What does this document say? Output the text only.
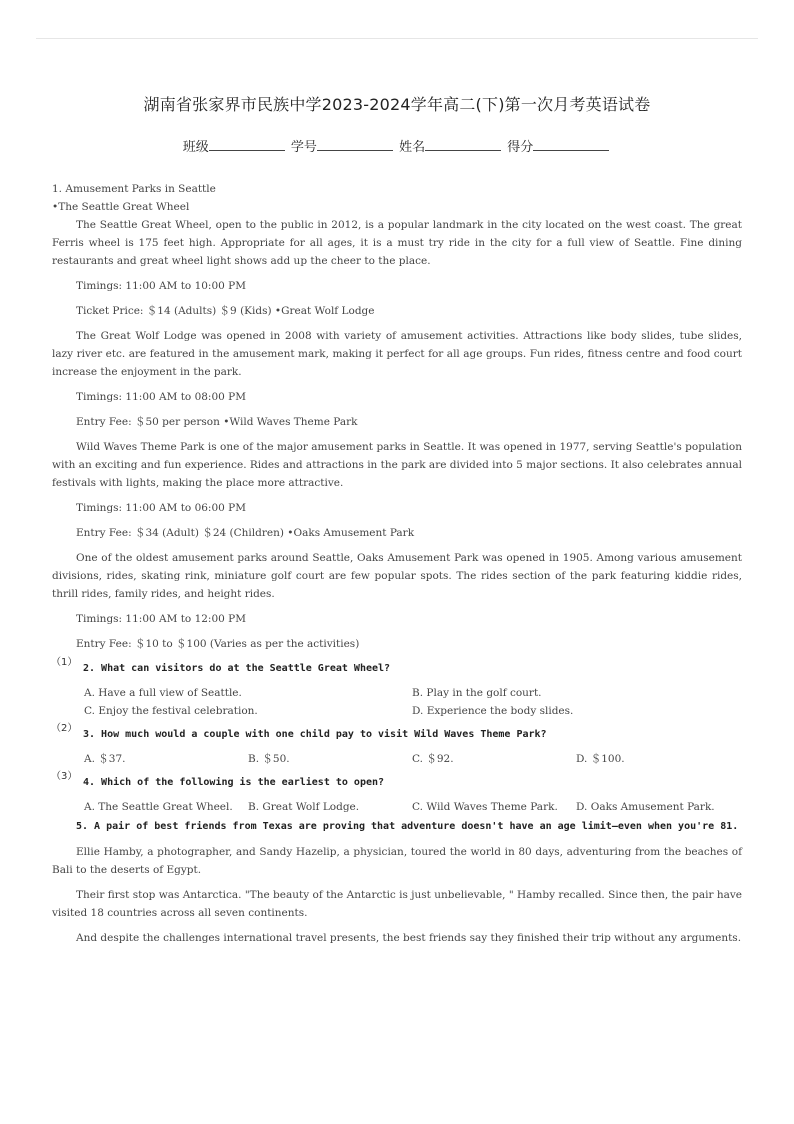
湖南省张家界市民族中学2023-2024学年高二(下)第一次月考英语试卷
班级	学号	姓名	得分

1. Amusement Parks in Seattle

•The Seattle Great Wheel

The Seattle Great Wheel, open to the public in 2012, is a popular landmark in the city located on the west coast. The great Ferris wheel is 175 feet high. Appropriate for all ages, it is a must try ride in the city for a full view of Seattle. Fine dining restaurants and great wheel light shows add up the cheer to the place.

Timings: 11:00 AM to 10:00 PM

Ticket Price: ＄14 (Adults) ＄9 (Kids) •Great Wolf Lodge

The Great Wolf Lodge was opened in 2008 with variety of amusement activities. Attractions like body slides, tube slides, lazy river etc. are featured in the amusement mark, making it perfect for all age groups. Fun rides, fitness centre and food court increase the enjoyment in the park.

Timings: 11:00 AM to 08:00 PM

Entry Fee: ＄50 per person •Wild Waves Theme Park

Wild Waves Theme Park is one of the major amusement parks in Seattle. It was opened in 1977, serving Seattle's population with an exciting and fun experience. Rides and attractions in the park are divided into 5 major sections. It also celebrates annual festivals with lights, making the place more attractive.

Timings: 11:00 AM to 06:00 PM

Entry Fee: ＄34 (Adult) ＄24 (Children) •Oaks Amusement Park

One of the oldest amusement parks around Seattle, Oaks Amusement Park was opened in 1905. Among various amusement divisions, rides, skating rink, miniature golf court are few popular spots. The rides section of the park featuring kiddie rides, thrill rides, family rides, and height rides.

Timings: 11:00 AM to 12:00 PM

Entry Fee: ＄10 to ＄100 (Varies as per the activities)

（1）

2. What can visitors do at the Seattle Great Wheel?

A. Have a full view of Seattle.	B. Play in the golf court.
C. Enjoy the festival celebration.	D. Experience the body slides.
（2）

3. How much would a couple with one child pay to visit Wild Waves Theme Park?

A. ＄37.	B. ＄50.	C. ＄92.	D. ＄100.
（3）

4. Which of the following is the earliest to open?

A. The Seattle Great Wheel.	B. Great Wolf Lodge.	C. Wild Waves Theme Park.	D. Oaks Amusement Park.

5. A pair of best friends from Texas are proving that adventure doesn't have an age limit—even when you're 81.

Ellie Hamby, a photographer, and Sandy Hazelip, a physician, toured the world in 80 days, adventuring from the beaches of Bali to the deserts of Egypt.

Their first stop was Antarctica. "The beauty of the Antarctic is just unbelievable, " Hamby recalled. Since then, the pair have visited 18 countries across all seven continents.

And despite the challenges international travel presents, the best friends say they finished their trip without any arguments.
